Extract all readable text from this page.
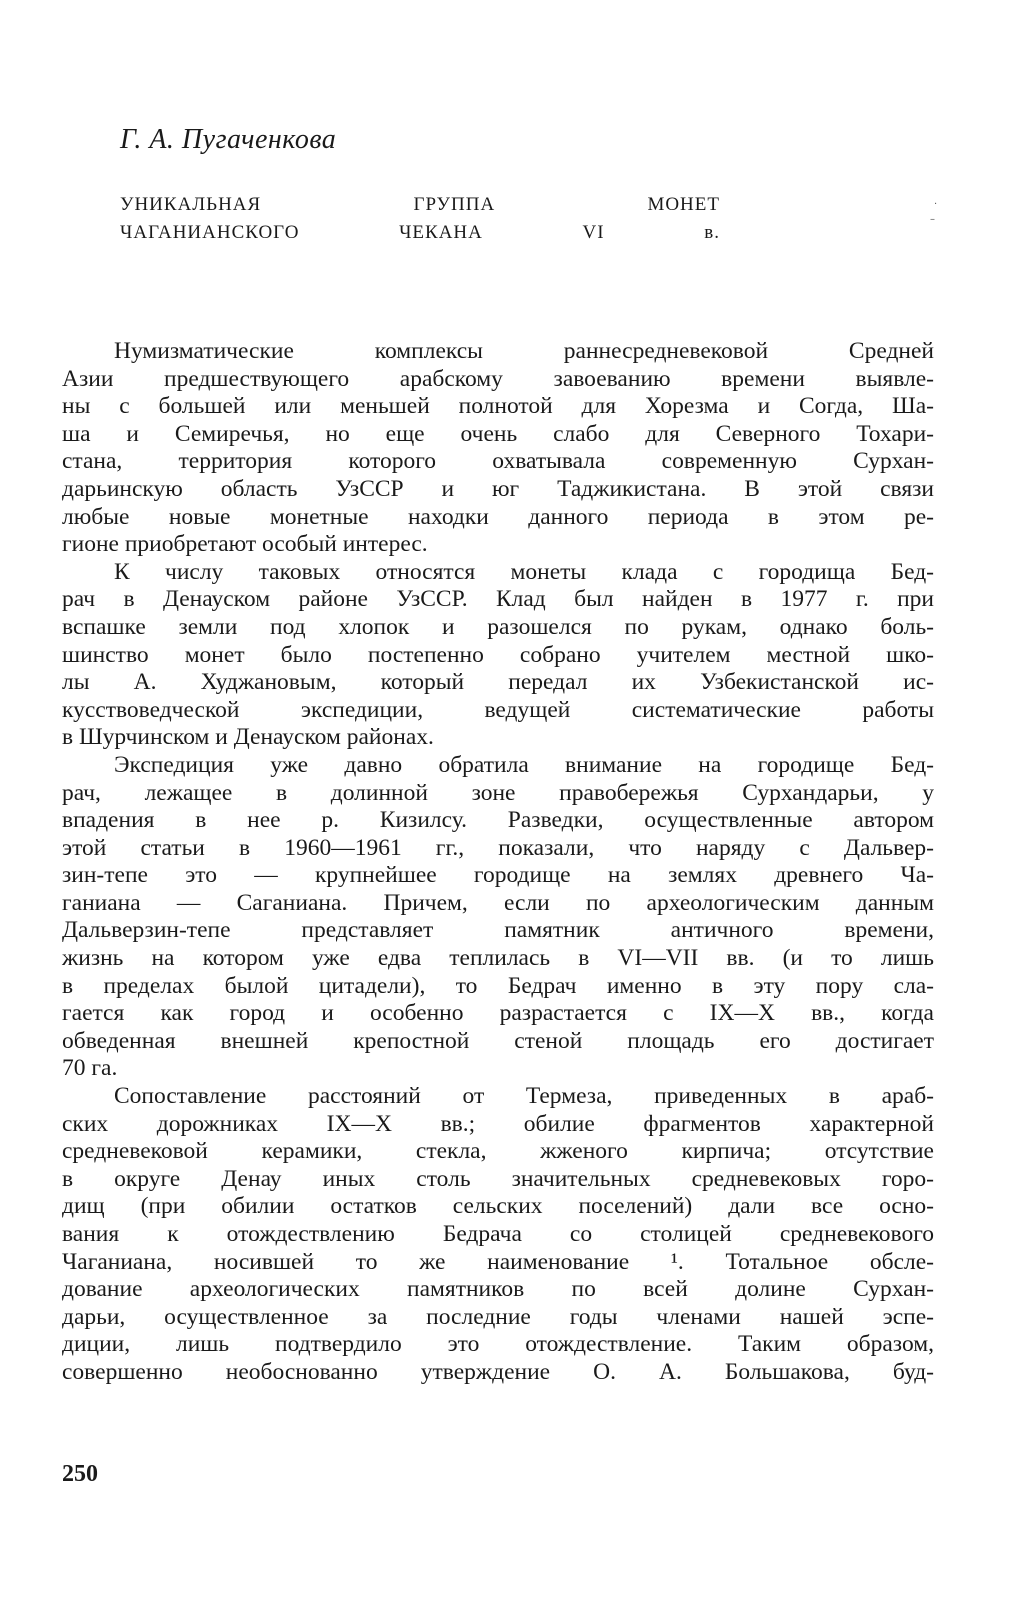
Г. А. Пугаченкова
УНИКАЛЬНАЯ ГРУППА МОНЕТ
ЧАГАНИАНСКОГО ЧЕКАНА VI в.
.
–
Нумизматические комплексы раннесредневековой Средней
Азии предшествующего арабскому завоеванию времени выявле-
ны с большей или меньшей полнотой для Хорезма и Согда, Ша-
ша и Семиречья, но еще очень слабо для Северного Тохари-
стана, территория которого охватывала современную Сурхан-
дарьинскую область УзССР и юг Таджикистана. В этой связи
любые новые монетные находки данного периода в этом ре-
гионе приобретают особый интерес.
К числу таковых относятся монеты клада с городища Бед-
рач в Денауском районе УзССР. Клад был найден в 1977 г. при
вспашке земли под хлопок и разошелся по рукам, однако боль-
шинство монет было постепенно собрано учителем местной шко-
лы А. Худжановым, который передал их Узбекистанской ис-
кусствоведческой экспедиции, ведущей систематические работы
в Шурчинском и Денауском районах.
Экспедиция уже давно обратила внимание на городище Бед-
рач, лежащее в долинной зоне правобережья Сурхандарьи, у
впадения в нее р. Кизилсу. Разведки, осуществленные автором
этой статьи в 1960—1961 гг., показали, что наряду с Дальвер-
зин-тепе это — крупнейшее городище на землях древнего Ча-
ганиана — Саганиана. Причем, если по археологическим данным
Дальверзин-тепе представляет памятник античного времени,
жизнь на котором уже едва теплилась в VI—VII вв. (и то лишь
в пределах былой цитадели), то Бедрач именно в эту пору сла-
гается как город и особенно разрастается с IX—X вв., когда
обведенная внешней крепостной стеной площадь его достигает
70 га.
Сопоставление расстояний от Термеза, приведенных в араб-
ских дорожниках IX—X вв.; обилие фрагментов характерной
средневековой керамики, стекла, жженого кирпича; отсутствие
в округе Денау иных столь значительных средневековых горо-
дищ (при обилии остатков сельских поселений) дали все осно-
вания к отождествлению Бедрача со столицей средневекового
Чаганиана, носившей то же наименование ¹. Тотальное обсле-
дование археологических памятников по всей долине Сурхан-
дарьи, осуществленное за последние годы членами нашей эспе-
диции, лишь подтвердило это отождествление. Таким образом,
совершенно необоснованно утверждение О. А. Большакова, буд-
250
